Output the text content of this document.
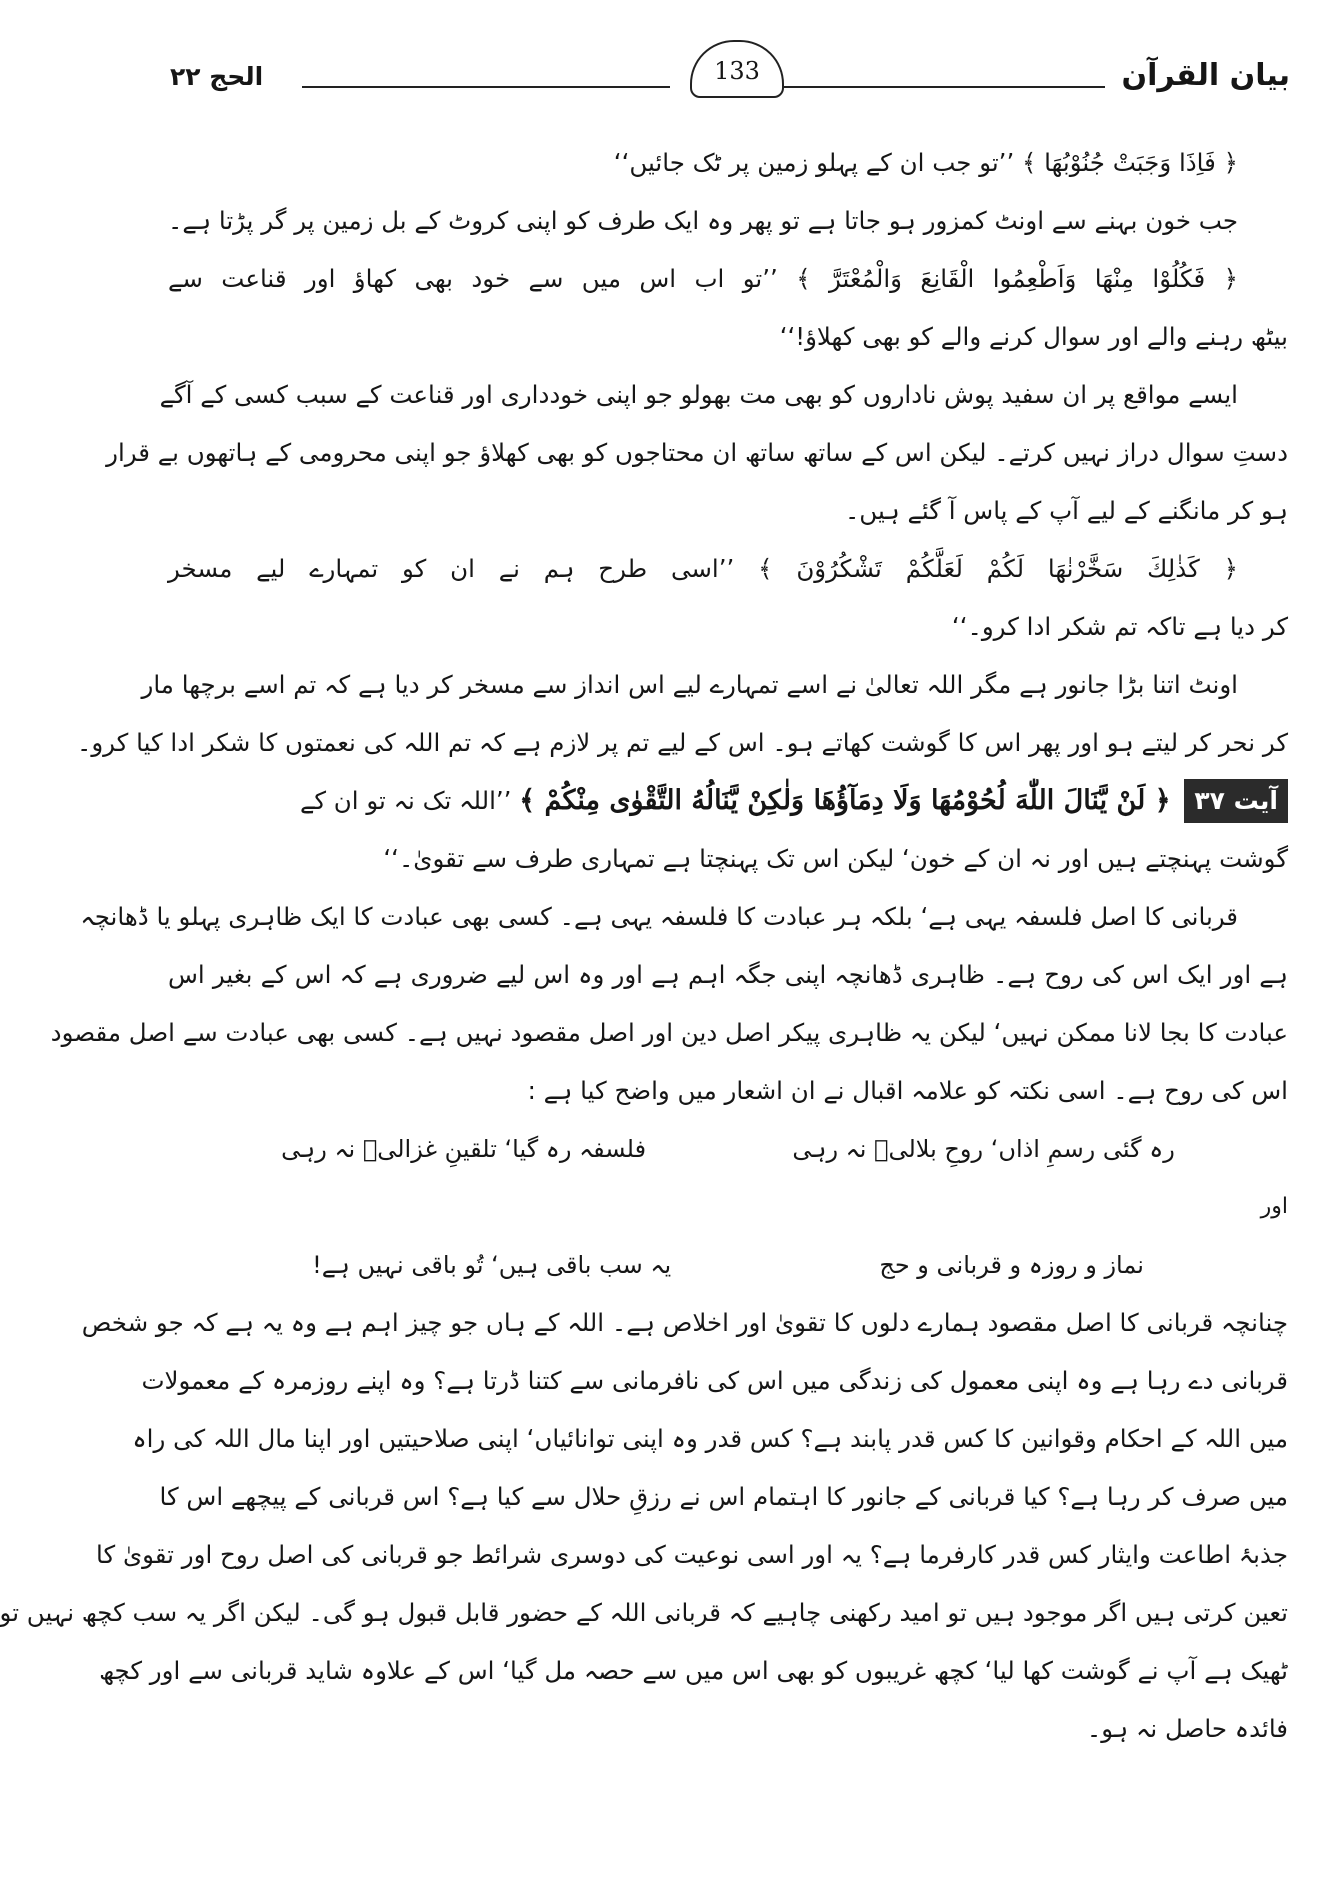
بیان القرآن
133
الحج ۲۲
﴿ فَاِذَا وَجَبَتْ جُنُوْبُهَا ﴾ ’’تو جب ان کے پہلو زمین پر ٹک جائیں‘‘
جب خون بہنے سے اونٹ کمزور ہو جاتا ہے تو پھر وہ ایک طرف کو اپنی کروٹ کے بل زمین پر گر پڑتا ہے۔
﴿ فَكُلُوْا مِنْهَا وَاَطْعِمُوا الْقَانِعَ وَالْمُعْتَرَّ ﴾ ’’تو اب اس میں سے خود بھی کھاؤ اور قناعت سے
بیٹھ رہنے والے اور سوال کرنے والے کو بھی کھلاؤ!‘‘
ایسے مواقع پر ان سفید پوش ناداروں کو بھی مت بھولو جو اپنی خودداری اور قناعت کے سبب کسی کے آگے
دستِ سوال دراز نہیں کرتے۔ لیکن اس کے ساتھ ساتھ ان محتاجوں کو بھی کھلاؤ جو اپنی محرومی کے ہاتھوں بے قرار
ہو کر مانگنے کے لیے آپ کے پاس آ گئے ہیں۔
﴿ كَذٰلِكَ سَخَّرْنٰهَا لَكُمْ لَعَلَّكُمْ تَشْكُرُوْنَ ﴾ ’’اسی طرح ہم نے ان کو تمہارے لیے مسخر
کر دیا ہے تاکہ تم شکر ادا کرو۔‘‘
اونٹ اتنا بڑا جانور ہے مگر اللہ تعالیٰ نے اسے تمہارے لیے اس انداز سے مسخر کر دیا ہے کہ تم اسے برچھا مار
کر نحر کر لیتے ہو اور پھر اس کا گوشت کھاتے ہو۔ اس کے لیے تم پر لازم ہے کہ تم اللہ کی نعمتوں کا شکر ادا کیا کرو۔
آیت ۳۷ ﴿ لَنْ يَّنَالَ اللّٰهَ لُحُوْمُهَا وَلَا دِمَآؤُهَا وَلٰكِنْ يَّنَالُهُ التَّقْوٰى مِنْكُمْ ﴾ ’’اللہ تک نہ تو ان کے
گوشت پہنچتے ہیں اور نہ ان کے خون‘ لیکن اس تک پہنچتا ہے تمہاری طرف سے تقویٰ۔‘‘
قربانی کا اصل فلسفہ یہی ہے‘ بلکہ ہر عبادت کا فلسفہ یہی ہے۔ کسی بھی عبادت کا ایک ظاہری پہلو یا ڈھانچہ
ہے اور ایک اس کی روح ہے۔ ظاہری ڈھانچہ اپنی جگہ اہم ہے اور وہ اس لیے ضروری ہے کہ اس کے بغیر اس
عبادت کا بجا لانا ممکن نہیں‘ لیکن یہ ظاہری پیکر اصل دین اور اصل مقصود نہیں ہے۔ کسی بھی عبادت سے اصل مقصود
اس کی روح ہے۔ اسی نکتہ کو علامہ اقبال نے ان اشعار میں واضح کیا ہے :
رہ گئی رسمِ اذاں‘ روحِ بلالیؓ نہ رہی
فلسفہ رہ گیا‘ تلقینِ غزالیؒ نہ رہی
اور
نماز و روزہ و قربانی و حج
یہ سب باقی ہیں‘ تُو باقی نہیں ہے!
چنانچہ قربانی کا اصل مقصود ہمارے دلوں کا تقویٰ اور اخلاص ہے۔ اللہ کے ہاں جو چیز اہم ہے وہ یہ ہے کہ جو شخص
قربانی دے رہا ہے وہ اپنی معمول کی زندگی میں اس کی نافرمانی سے کتنا ڈرتا ہے؟ وہ اپنے روزمرہ کے معمولات
میں اللہ کے احکام وقوانین کا کس قدر پابند ہے؟ کس قدر وہ اپنی توانائیاں‘ اپنی صلاحیتیں اور اپنا مال اللہ کی راہ
میں صرف کر رہا ہے؟ کیا قربانی کے جانور کا اہتمام اس نے رزقِ حلال سے کیا ہے؟ اس قربانی کے پیچھے اس کا
جذبۂ اطاعت وایثار کس قدر کارفرما ہے؟ یہ اور اسی نوعیت کی دوسری شرائط جو قربانی کی اصل روح اور تقویٰ کا
تعین کرتی ہیں اگر موجود ہیں تو امید رکھنی چاہیے کہ قربانی اللہ کے حضور قابل قبول ہو گی۔ لیکن اگر یہ سب کچھ نہیں تو
ٹھیک ہے آپ نے گوشت کھا لیا‘ کچھ غریبوں کو بھی اس میں سے حصہ مل گیا‘ اس کے علاوہ شاید قربانی سے اور کچھ
فائدہ حاصل نہ ہو۔
